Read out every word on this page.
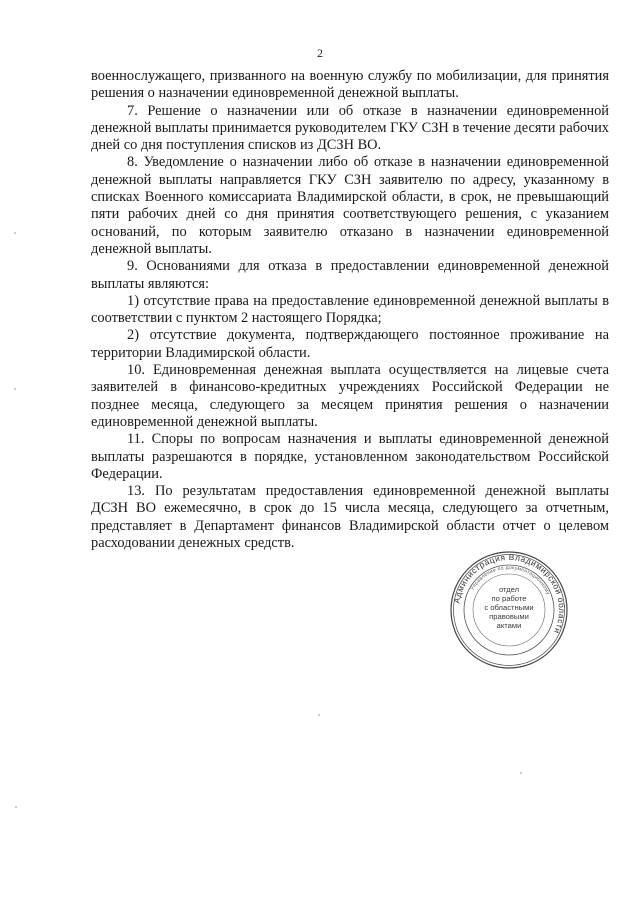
2

военнослужащего, призванного на военную службу по мобилизации, для принятия решения о назначении единовременной денежной выплаты.

7. Решение о назначении или об отказе в назначении единовременной денежной выплаты принимается руководителем ГКУ СЗН в течение десяти рабочих дней со дня поступления списков из ДСЗН ВО.

8. Уведомление о назначении либо об отказе в назначении единовременной денежной выплаты направляется ГКУ СЗН заявителю по адресу, указанному в списках Военного комиссариата Владимирской области, в срок, не превышающий пяти рабочих дней со дня принятия соответствующего решения, с указанием оснований, по которым заявителю отказано в назначении единовременной денежной выплаты.

9. Основаниями для отказа в предоставлении единовременной денежной выплаты являются:

1) отсутствие права на предоставление единовременной денежной выплаты в соответствии с пунктом 2 настоящего Порядка;

2) отсутствие документа, подтверждающего постоянное проживание на территории Владимирской области.

10. Единовременная денежная выплата осуществляется на лицевые счета заявителей в финансово-кредитных учреждениях Российской Федерации не позднее месяца, следующего за месяцем принятия решения о назначении единовременной денежной выплаты.

11. Споры по вопросам назначения и выплаты единовременной денежной выплаты разрешаются в порядке, установленном законодательством Российской Федерации.

13. По результатам предоставления единовременной денежной выплаты ДСЗН ВО ежемесячно, в срок до 15 числа месяца, следующего за отчетным, представляет в Департамент финансов Владимирской области отчет о целевом расходовании денежных средств.

Администрация Владимирской области
Управление по документационному
отдел
по работе
с областными
правовыми
актами
